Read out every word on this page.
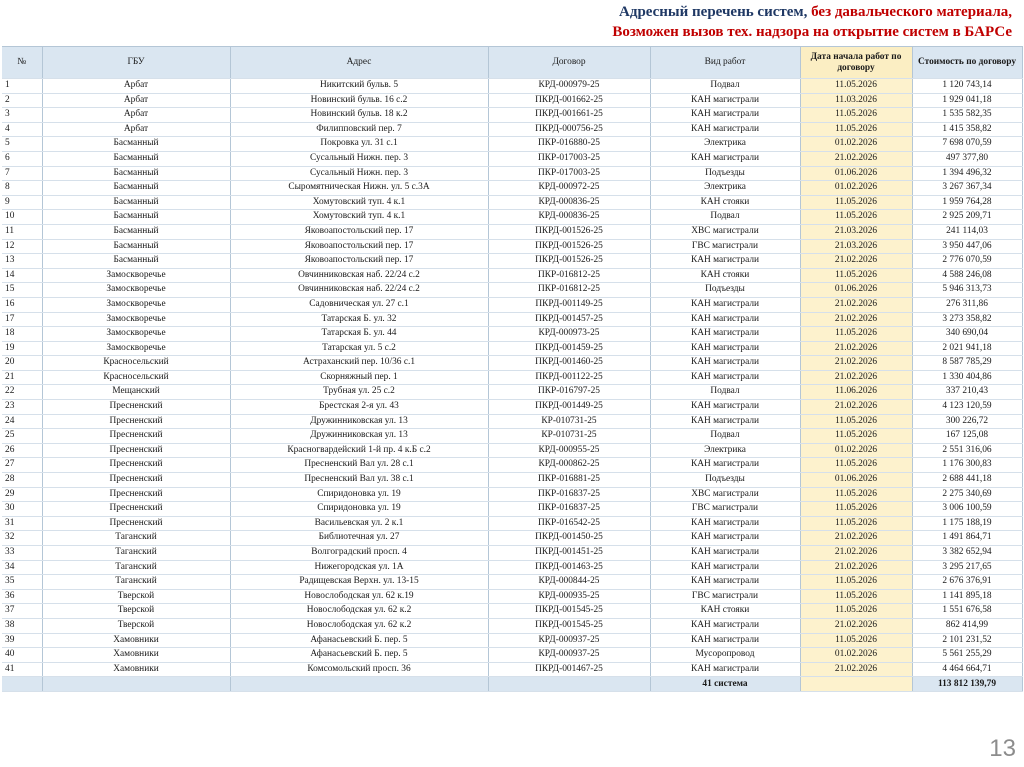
Адресный перечень систем, без давальческого материала,
Возможен вызов тех. надзора на открытие систем в БАРСе
№	ГБУ	Адрес	Договор	Вид работ	Дата начала работ по договору	Стоимость по договору
1	Арбат	Никитский бульв. 5	КРД-000979-25	Подвал	11.05.2026	1 120 743,14
2	Арбат	Новинский бульв. 16 с.2	ПКРД-001662-25	КАН магистрали	11.03.2026	1 929 041,18
3	Арбат	Новинский бульв. 18 к.2	ПКРД-001661-25	КАН магистрали	11.05.2026	1 535 582,35
4	Арбат	Филипповский пер. 7	ПКРД-000756-25	КАН магистрали	11.05.2026	1 415 358,82
5	Басманный	Покровка ул. 31 с.1	ПКР-016880-25	Электрика	01.02.2026	7 698 070,59
6	Басманный	Сусальный Нижн. пер. 3	ПКР-017003-25	КАН магистрали	21.02.2026	497 377,80
7	Басманный	Сусальный Нижн. пер. 3	ПКР-017003-25	Подъезды	01.06.2026	1 394 496,32
8	Басманный	Сыромятническая Нижн. ул. 5 с.3А	КРД-000972-25	Электрика	01.02.2026	3 267 367,34
9	Басманный	Хомутовский туп. 4 к.1	КРД-000836-25	КАН стояки	11.05.2026	1 959 764,28
10	Басманный	Хомутовский туп. 4 к.1	КРД-000836-25	Подвал	11.05.2026	2 925 209,71
11	Басманный	Яковоапостольский пер. 17	ПКРД-001526-25	ХВС магистрали	21.03.2026	241 114,03
12	Басманный	Яковоапостольский пер. 17	ПКРД-001526-25	ГВС магистрали	21.03.2026	3 950 447,06
13	Басманный	Яковоапостольский пер. 17	ПКРД-001526-25	КАН магистрали	21.02.2026	2 776 070,59
14	Замоскворечье	Овчинниковская наб. 22/24 с.2	ПКР-016812-25	КАН стояки	11.05.2026	4 588 246,08
15	Замоскворечье	Овчинниковская наб. 22/24 с.2	ПКР-016812-25	Подъезды	01.06.2026	5 946 313,73
16	Замоскворечье	Садовническая ул. 27 с.1	ПКРД-001149-25	КАН магистрали	21.02.2026	276 311,86
17	Замоскворечье	Татарская Б. ул. 32	ПКРД-001457-25	КАН магистрали	21.02.2026	3 273 358,82
18	Замоскворечье	Татарская Б. ул. 44	КРД-000973-25	КАН магистрали	11.05.2026	340 690,04
19	Замоскворечье	Татарская ул. 5 с.2	ПКРД-001459-25	КАН магистрали	21.02.2026	2 021 941,18
20	Красносельский	Астраханский пер. 10/36 с.1	ПКРД-001460-25	КАН магистрали	21.02.2026	8 587 785,29
21	Красносельский	Скорняжный пер. 1	ПКРД-001122-25	КАН магистрали	21.02.2026	1 330 404,86
22	Мещанский	Трубная ул. 25 с.2	ПКР-016797-25	Подвал	11.06.2026	337 210,43
23	Пресненский	Брестская 2-я ул. 43	ПКРД-001449-25	КАН магистрали	21.02.2026	4 123 120,59
24	Пресненский	Дружинниковская ул. 13	КР-010731-25	КАН магистрали	11.05.2026	300 226,72
25	Пресненский	Дружинниковская ул. 13	КР-010731-25	Подвал	11.05.2026	167 125,08
26	Пресненский	Красногвардейский 1-й пр. 4 к.Б с.2	КРД-000955-25	Электрика	01.02.2026	2 551 316,06
27	Пресненский	Пресненский Вал ул. 28 с.1	КРД-000862-25	КАН магистрали	11.05.2026	1 176 300,83
28	Пресненский	Пресненский Вал ул. 38 с.1	ПКР-016881-25	Подъезды	01.06.2026	2 688 441,18
29	Пресненский	Спиридоновка ул. 19	ПКР-016837-25	ХВС магистрали	11.05.2026	2 275 340,69
30	Пресненский	Спиридоновка ул. 19	ПКР-016837-25	ГВС магистрали	11.05.2026	3 006 100,59
31	Пресненский	Васильевская ул. 2 к.1	ПКР-016542-25	КАН магистрали	11.05.2026	1 175 188,19
32	Таганский	Библиотечная ул. 27	ПКРД-001450-25	КАН магистрали	21.02.2026	1 491 864,71
33	Таганский	Волгоградский просп. 4	ПКРД-001451-25	КАН магистрали	21.02.2026	3 382 652,94
34	Таганский	Нижегородская ул. 1А	ПКРД-001463-25	КАН магистрали	21.02.2026	3 295 217,65
35	Таганский	Радищевская Верхн. ул. 13-15	КРД-000844-25	КАН магистрали	11.05.2026	2 676 376,91
36	Тверской	Новослободская ул. 62 к.19	КРД-000935-25	ГВС магистрали	11.05.2026	1 141 895,18
37	Тверской	Новослободская ул. 62 к.2	ПКРД-001545-25	КАН стояки	11.05.2026	1 551 676,58
38	Тверской	Новослободская ул. 62 к.2	ПКРД-001545-25	КАН магистрали	21.02.2026	862 414,99
39	Хамовники	Афанасьевский Б. пер. 5	КРД-000937-25	КАН магистрали	11.05.2026	2 101 231,52
40	Хамовники	Афанасьевский Б. пер. 5	КРД-000937-25	Мусоропровод	01.02.2026	5 561 255,29
41	Хамовники	Комсомольский просп. 36	ПКРД-001467-25	КАН магистрали	21.02.2026	4 464 664,71
				41 система		113 812 139,79
13
